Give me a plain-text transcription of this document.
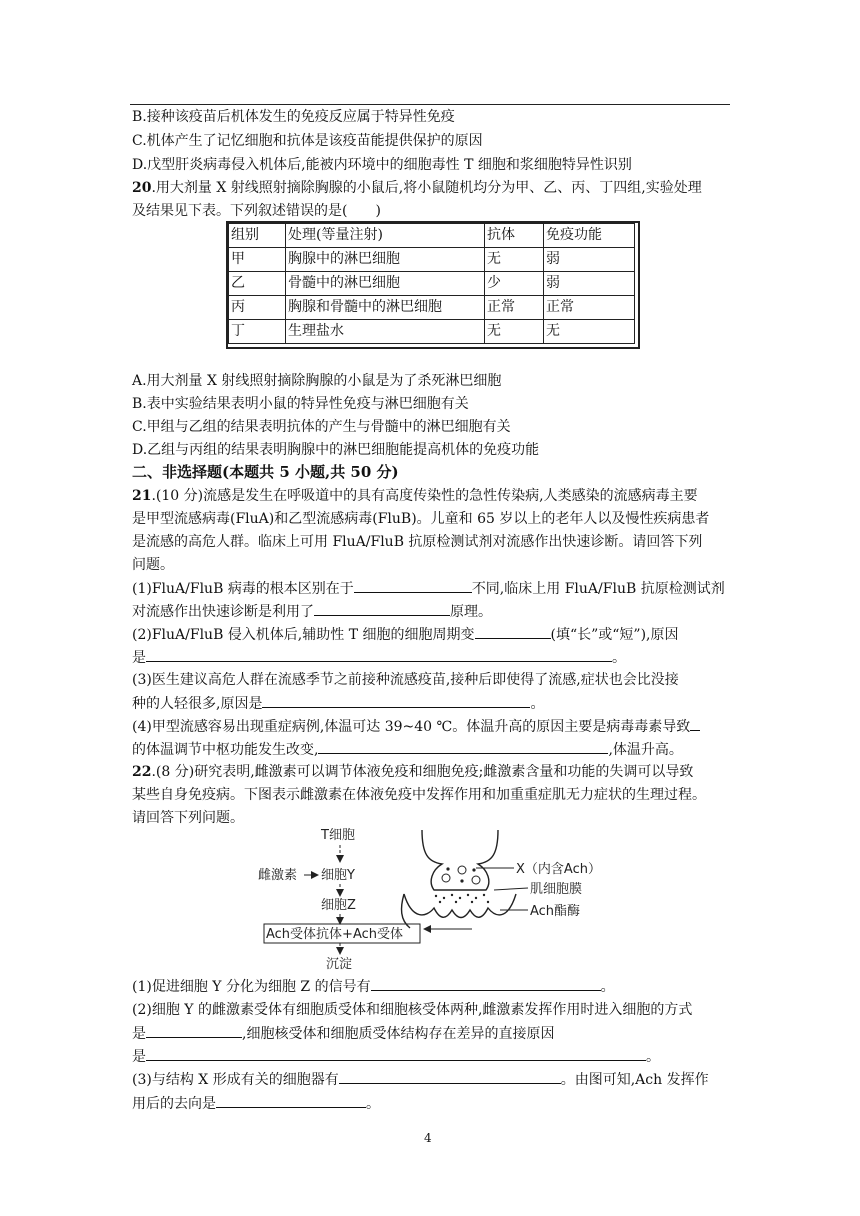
B.接种该疫苗后机体发生的免疫反应属于特异性免疫
C.机体产生了记忆细胞和抗体是该疫苗能提供保护的原因
D.戊型肝炎病毒侵入机体后,能被内环境中的细胞毒性 T 细胞和浆细胞特异性识别
20.用大剂量 X 射线照射摘除胸腺的小鼠后,将小鼠随机均分为甲、乙、丙、丁四组,实验处理
及结果见下表。下列叙述错误的是(　　)
组别	处理(等量注射)	抗体	免疫功能
甲	胸腺中的淋巴细胞	无	弱
乙	骨髓中的淋巴细胞	少	弱
丙	胸腺和骨髓中的淋巴细胞	正常	正常
丁	生理盐水	无	无
A.用大剂量 X 射线照射摘除胸腺的小鼠是为了杀死淋巴细胞
B.表中实验结果表明小鼠的特异性免疫与淋巴细胞有关
C.甲组与乙组的结果表明抗体的产生与骨髓中的淋巴细胞有关
D.乙组与丙组的结果表明胸腺中的淋巴细胞能提高机体的免疫功能
二、非选择题(本题共 5 小题,共 50 分)
21.(10 分)流感是发生在呼吸道中的具有高度传染性的急性传染病,人类感染的流感病毒主要
是甲型流感病毒(FluA)和乙型流感病毒(FluB)。儿童和 65 岁以上的老年人以及慢性疾病患者
是流感的高危人群。临床上可用 FluA/FluB 抗原检测试剂对流感作出快速诊断。请回答下列
问题。
(1)FluA/FluB 病毒的根本区别在于	不同,临床上用 FluA/FluB 抗原检测试剂
对流感作出快速诊断是利用了	原理。
(2)FluA/FluB 侵入机体后,辅助性 T 细胞的细胞周期变	(填“长”或“短”),原因
是	。
(3)医生建议高危人群在流感季节之前接种流感疫苗,接种后即使得了流感,症状也会比没接
种的人轻很多,原因是	。
(4)甲型流感容易出现重症病例,体温可达 39~40 ℃。体温升高的原因主要是病毒毒素导致
的体温调节中枢功能发生改变,	,体温升高。
22.(8 分)研究表明,雌激素可以调节体液免疫和细胞免疫;雌激素含量和功能的失调可以导致
某些自身免疫病。下图表示雌激素在体液免疫中发挥作用和加重重症肌无力症状的生理过程。
请回答下列问题。
T细胞
雌激素 细胞Y
细胞Z
Ach受体抗体+Ach受体
沉淀
X（内含Ach）
肌细胞膜
Ach酯酶
(1)促进细胞 Y 分化为细胞 Z 的信号有	。
(2)细胞 Y 的雌激素受体有细胞质受体和细胞核受体两种,雌激素发挥作用时进入细胞的方式
是	,细胞核受体和细胞质受体结构存在差异的直接原因
是	。
(3)与结构 X 形成有关的细胞器有	。由图可知,Ach 发挥作
用后的去向是	。
4
